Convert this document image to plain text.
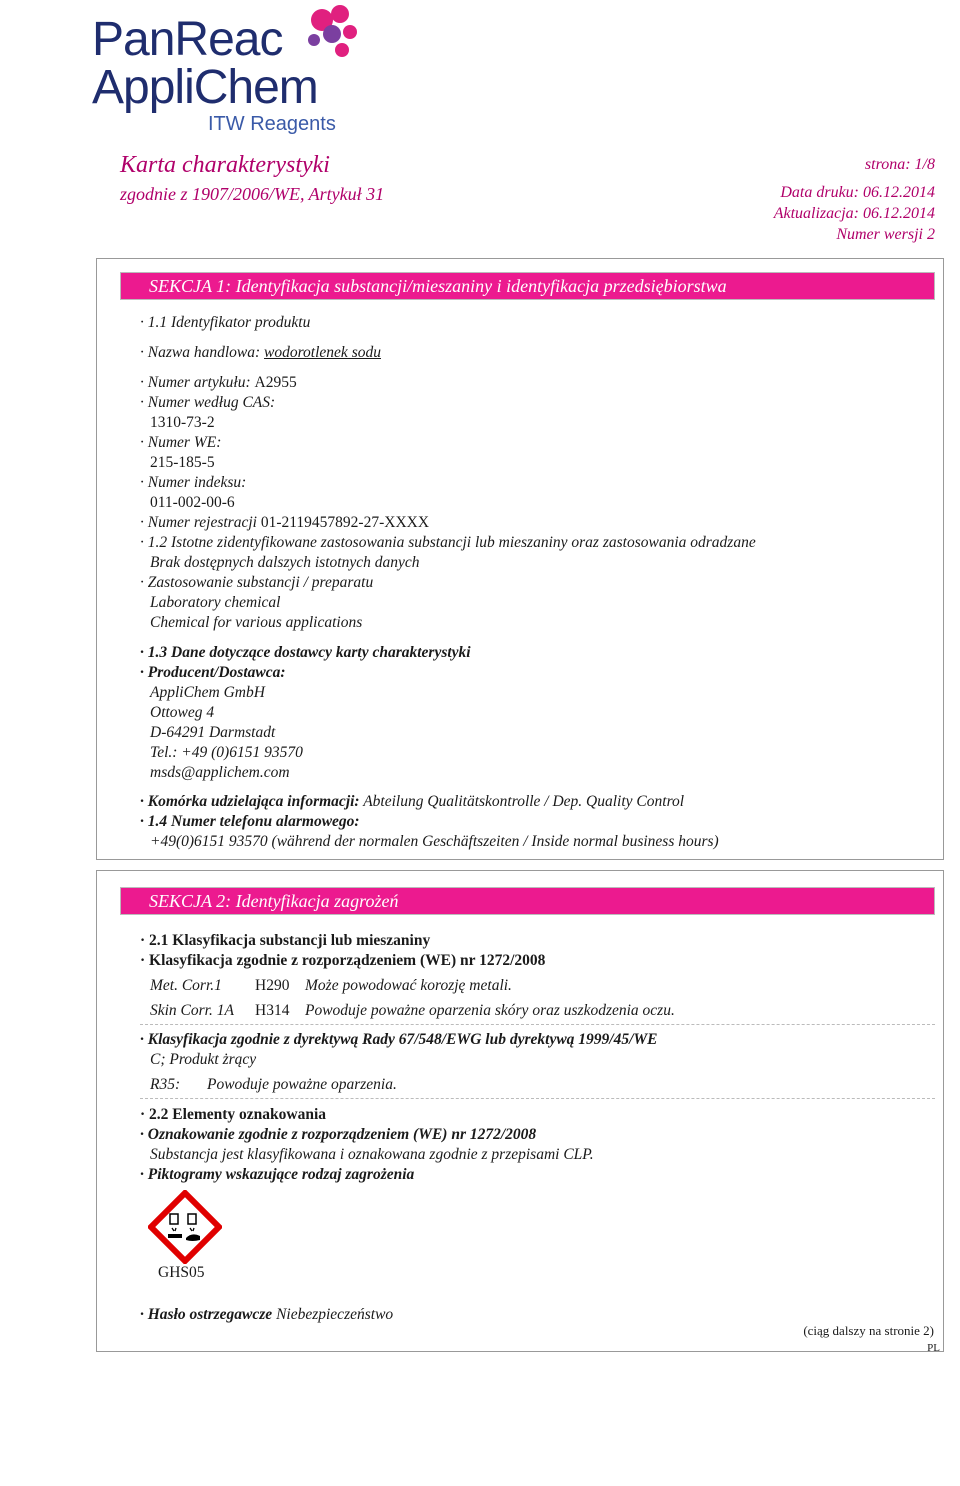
PanReac
AppliChem
ITW Reagents
Karta charakterystyki
zgodnie z 1907/2006/WE, Artykuł 31
strona: 1/8
Data druku: 06.12.2014
Aktualizacja: 06.12.2014
Numer wersji 2
SEKCJA 1: Identyfikacja substancji/mieszaniny i identyfikacja przedsiębiorstwa
· 1.1 Identyfikator produktu
· Nazwa handlowa: wodorotlenek sodu
· Numer artykułu: A2955
· Numer według CAS:
1310-73-2
· Numer WE:
215-185-5
· Numer indeksu:
011-002-00-6
· Numer rejestracji 01-2119457892-27-XXXX
· 1.2 Istotne zidentyfikowane zastosowania substancji lub mieszaniny oraz zastosowania odradzane
Brak dostępnych dalszych istotnych danych
· Zastosowanie substancji / preparatu
Laboratory chemical
Chemical for various applications
· 1.3 Dane dotyczące dostawcy karty charakterystyki
· Producent/Dostawca:
AppliChem GmbH
Ottoweg 4
D-64291 Darmstadt
Tel.: +49 (0)6151 93570
msds@applichem.com
· Komórka udzielająca informacji: Abteilung Qualitätskontrolle / Dep. Quality Control
· 1.4 Numer telefonu alarmowego:
+49(0)6151 93570 (während der normalen Geschäftszeiten / Inside normal business hours)
SEKCJA 2: Identyfikacja zagrożeń
· 2.1 Klasyfikacja substancji lub mieszaniny
· Klasyfikacja zgodnie z rozporządzeniem (WE) nr 1272/2008
Met. Corr.1 H290 Może powodować korozję metali.
Skin Corr. 1A H314 Powoduje poważne oparzenia skóry oraz uszkodzenia oczu.
· Klasyfikacja zgodnie z dyrektywą Rady 67/548/EWG lub dyrektywą 1999/45/WE
C; Produkt żrący
R35: Powoduje poważne oparzenia.
· 2.2 Elementy oznakowania
· Oznakowanie zgodnie z rozporządzeniem (WE) nr 1272/2008
Substancja jest klasyfikowana i oznakowana zgodnie z przepisami CLP.
· Piktogramy wskazujące rodzaj zagrożenia
GHS05
· Hasło ostrzegawcze Niebezpieczeństwo
(ciąg dalszy na stronie 2)
PL
